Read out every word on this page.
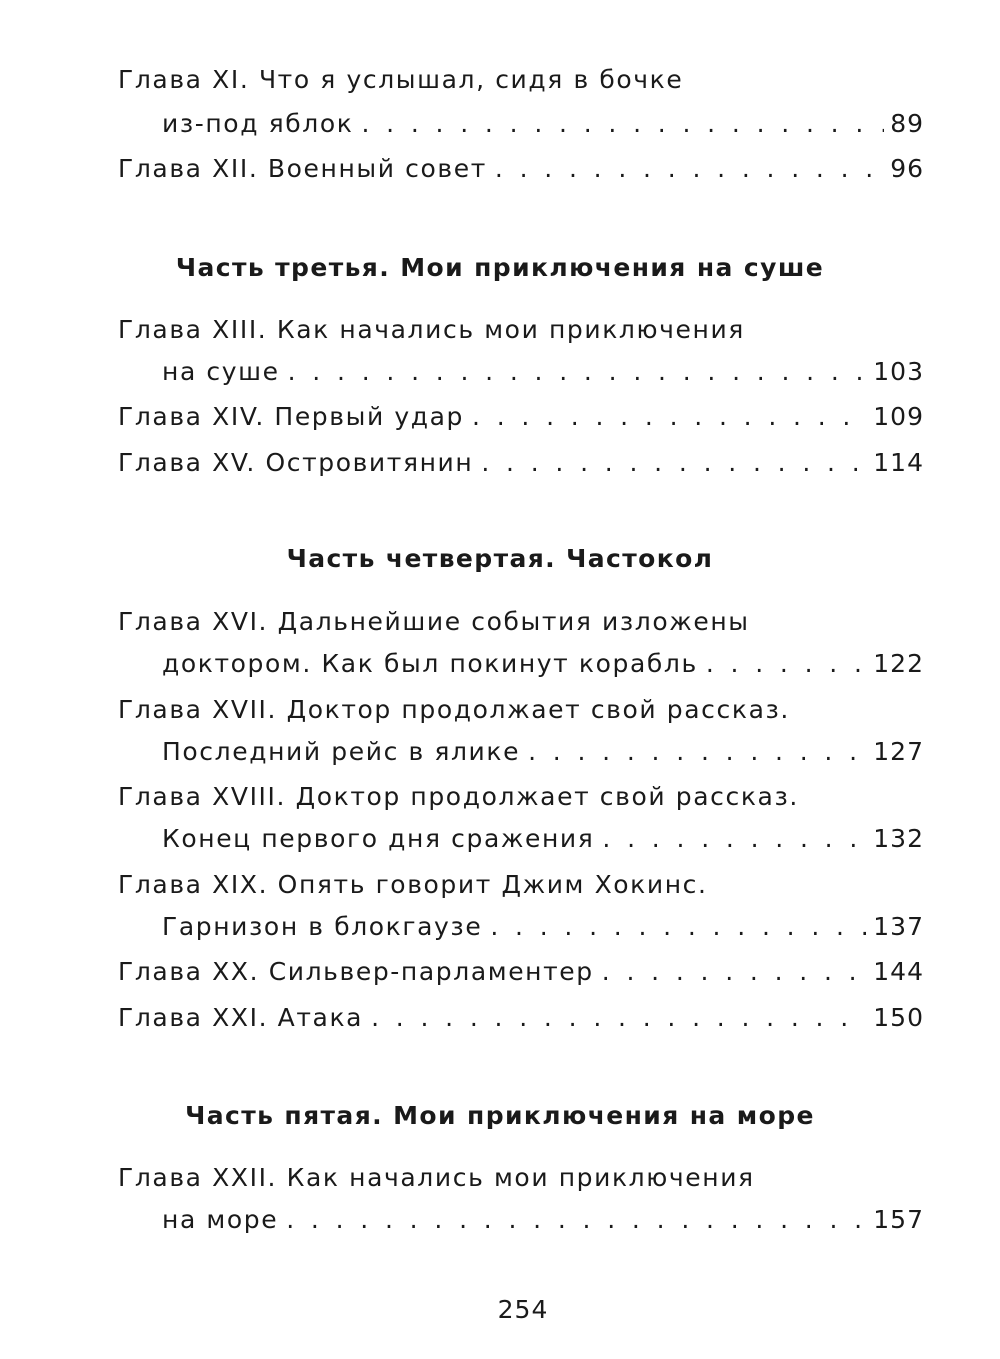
Глава XI. Что я услышал, сидя в бочке
из-под яблок . . .	89
Глава XII. Военный совет . . .	96
Часть третья. Мои приключения на суше
Глава XIII. Как начались мои приключения
на суше . . .	103
Глава XIV. Первый удар . . .	109
Глава XV. Островитянин . . .	114
Часть четвертая. Частокол
Глава XVI. Дальнейшие события изложены
доктором. Как был покинут корабль . . .	122
Глава XVII. Доктор продолжает свой рассказ.
Последний рейс в ялике . . .	127
Глава XVIII. Доктор продолжает свой рассказ.
Конец первого дня сражения . . .	132
Глава XIX. Опять говорит Джим Хокинс.
Гарнизон в блокгаузе . . .	137
Глава XX. Сильвер-парламентер . . .	144
Глава XXI. Атака . . .	150
Часть пятая. Мои приключения на море
Глава XXII. Как начались мои приключения
на море . . .	157
254
